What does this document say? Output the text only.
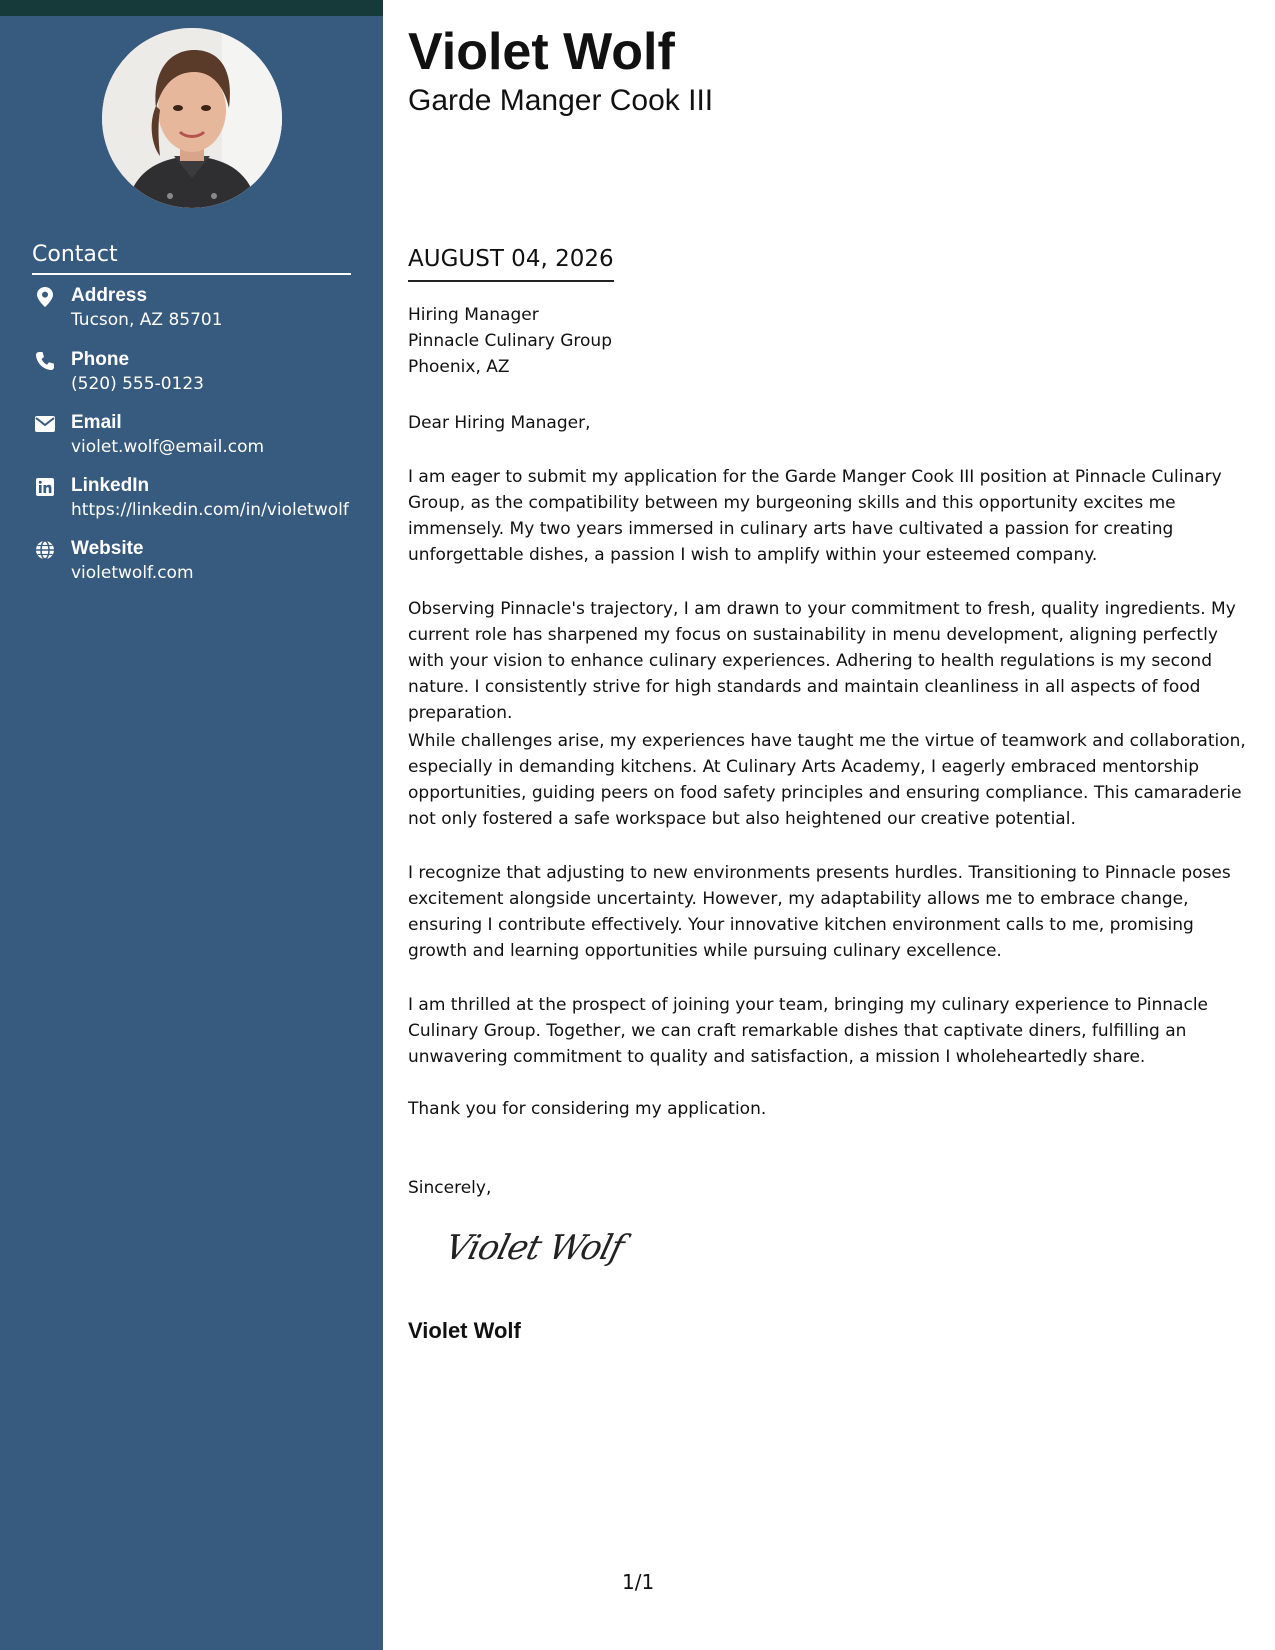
Contact
Address
Tucson, AZ 85701
Phone
(520) 555-0123
Email
violet.wolf@email.com
LinkedIn
https://linkedin.com/in/violetwolf
Website
violetwolf.com
Violet Wolf
Garde Manger Cook III
AUGUST 04, 2026
Hiring Manager
Pinnacle Culinary Group
Phoenix, AZ
Dear Hiring Manager,

I am eager to submit my application for the Garde Manger Cook III position at Pinnacle Culinary Group, as the compatibility between my burgeoning skills and this opportunity excites me immensely. My two years immersed in culinary arts have cultivated a passion for creating unforgettable dishes, a passion I wish to amplify within your esteemed company.

Observing Pinnacle's trajectory, I am drawn to your commitment to fresh, quality ingredients. My current role has sharpened my focus on sustainability in menu development, aligning perfectly with your vision to enhance culinary experiences. Adhering to health regulations is my second nature. I consistently strive for high standards and maintain cleanliness in all aspects of food preparation.

While challenges arise, my experiences have taught me the virtue of teamwork and collaboration, especially in demanding kitchens. At Culinary Arts Academy, I eagerly embraced mentorship opportunities, guiding peers on food safety principles and ensuring compliance. This camaraderie not only fostered a safe workspace but also heightened our creative potential.

I recognize that adjusting to new environments presents hurdles. Transitioning to Pinnacle poses excitement alongside uncertainty. However, my adaptability allows me to embrace change, ensuring I contribute effectively. Your innovative kitchen environment calls to me, promising growth and learning opportunities while pursuing culinary excellence.

I am thrilled at the prospect of joining your team, bringing my culinary experience to Pinnacle Culinary Group. Together, we can craft remarkable dishes that captivate diners, fulfilling an unwavering commitment to quality and satisfaction, a mission I wholeheartedly share.

Thank you for considering my application.

Sincerely,
Violet Wolf
Violet Wolf
1/1
